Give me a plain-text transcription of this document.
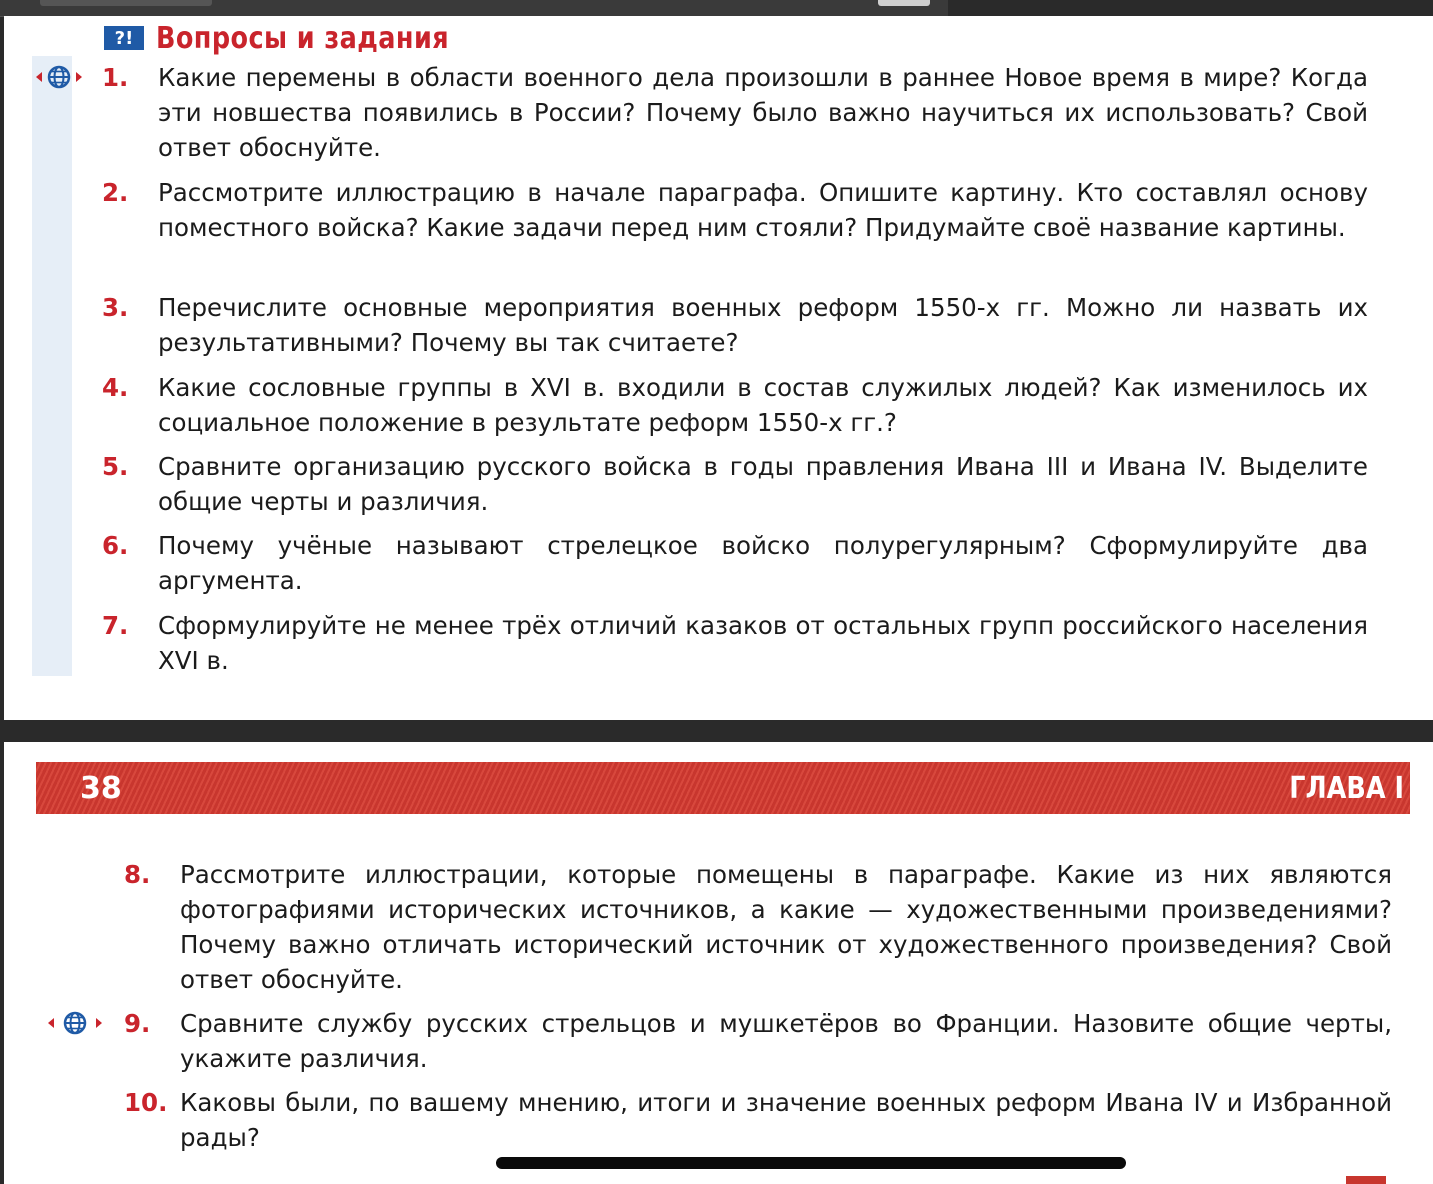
?! Вопросы и задания
1.	Какие перемены в области военного дела произошли в раннее Новое время в мире? Когда эти новшества появились в России? Почему было важно научиться их использовать? Свой ответ обоснуйте.
2.	Рассмотрите иллюстрацию в начале параграфа. Опишите картину. Кто составлял основу поместного войска? Какие задачи перед ним стояли? Придумайте своё название картины.
3.	Перечислите основные мероприятия военных реформ 1550-х гг. Можно ли назвать их результативными? Почему вы так считаете?
4.	Какие сословные группы в XVI в. входили в состав служилых людей? Как изменилось их социальное положение в результате реформ 1550-х гг.?
5.	Сравните организацию русского войска в годы правления Ивана III и Ивана IV. Выделите общие черты и различия.
6.	Почему учёные называют стрелецкое войско полурегулярным? Сформулируйте два аргумента.
7.	Сформулируйте не менее трёх отличий казаков от остальных групп российского населения XVI в.
38	ГЛАВА I
8.	Рассмотрите иллюстрации, которые помещены в параграфе. Какие из них являются фотографиями исторических источников, а какие — художественными произведениями? Почему важно отличать исторический источник от художественного произведения? Свой ответ обоснуйте.
9.	Сравните службу русских стрельцов и мушкетёров во Франции. Назовите общие черты, укажите различия.
10. Каковы были, по вашему мнению, итоги и значение военных реформ Ивана IV и Избранной рады?
